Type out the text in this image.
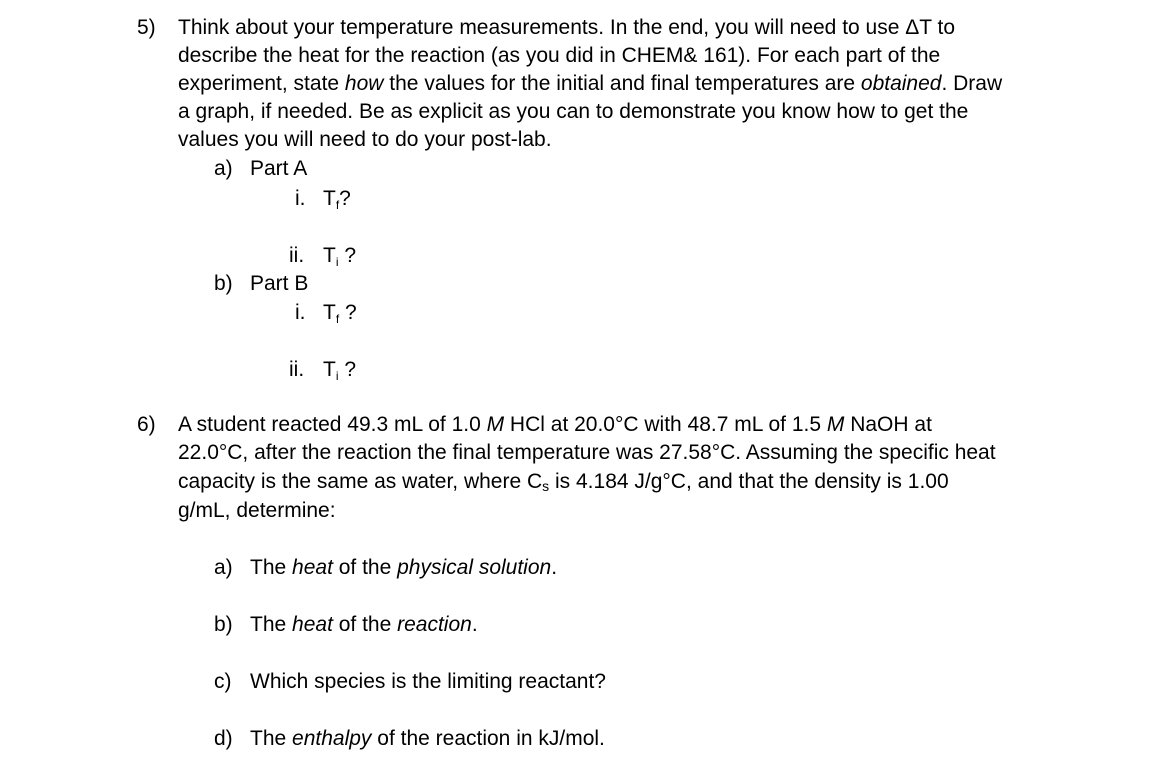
5) Think about your temperature measurements. In the end, you will need to use ΔT to
describe the heat for the reaction (as you did in CHEM& 161). For each part of the
experiment, state how the values for the initial and final temperatures are obtained. Draw
a graph, if needed. Be as explicit as you can to demonstrate you know how to get the
values you will need to do your post-lab.
a) Part A
i. $T_f$?
ii. $T_i$ ?
b) Part B
i. $T_f$ ?
ii. $T_i$ ?
6) A student reacted 49.3 mL of 1.0 M HCl at 20.0°C with 48.7 mL of 1.5 M NaOH at
22.0°C, after the reaction the final temperature was 27.58°C. Assuming the specific heat
capacity is the same as water, where Cs is 4.184 J/g°C, and that the density is 1.00
g/mL, determine:
a) The heat of the physical solution.
b) The heat of the reaction.
c) Which species is the limiting reactant?
d) The enthalpy of the reaction in kJ/mol.
